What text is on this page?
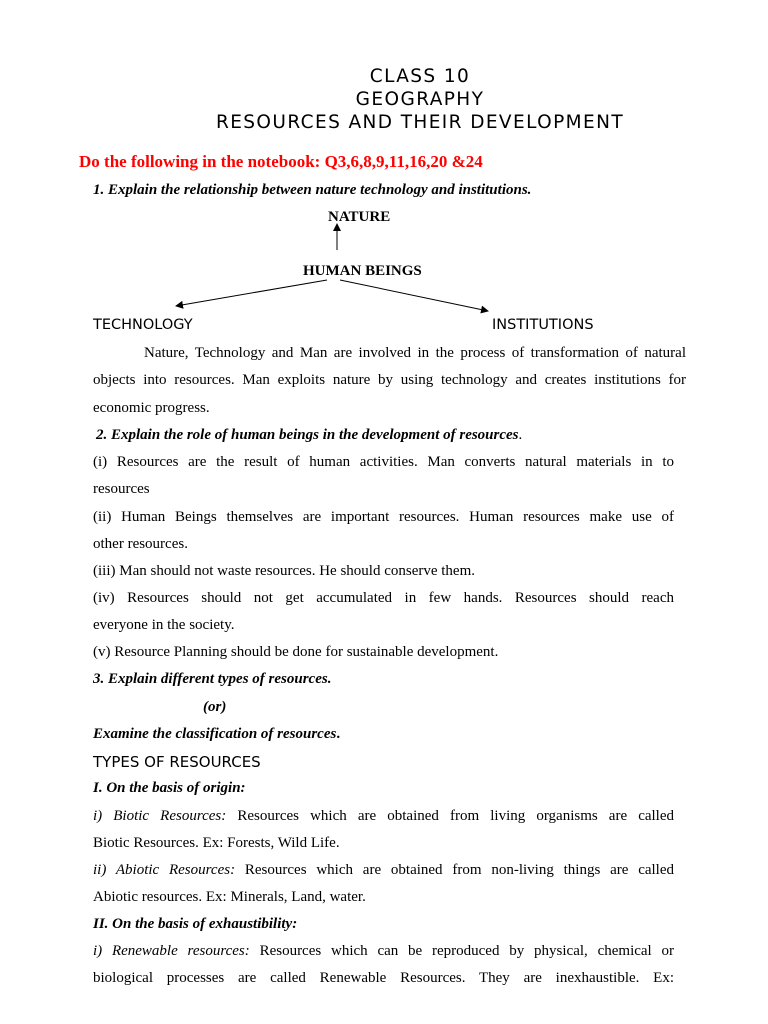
CLASS 10
GEOGRAPHY
RESOURCES AND THEIR DEVELOPMENT
Do the following in the notebook: Q3,6,8,9,11,16,20 &24
1. Explain the relationship between nature technology and institutions.
NATURE
HUMAN BEINGS
TECHNOLOGY	INSTITUTIONS
Nature, Technology and Man are involved in the process of transformation of natural objects into resources. Man exploits nature by using technology and creates institutions for economic progress.
2. Explain the role of human beings in the development of resources.
(i) Resources are the result of human activities. Man converts natural materials in to
resources
(ii) Human Beings themselves are important resources. Human resources make use of
other resources.
(iii) Man should not waste resources. He should conserve them.
(iv) Resources should not get accumulated in few hands. Resources should reach
everyone in the society.
(v) Resource Planning should be done for sustainable development.
3. Explain different types of resources.
(or)
Examine the classification of resources.
TYPES OF RESOURCES
I. On the basis of origin:
i) Biotic Resources: Resources which are obtained from living organisms are called
Biotic Resources. Ex: Forests, Wild Life.
ii) Abiotic Resources: Resources which are obtained from non-living things are called
Abiotic resources. Ex: Minerals, Land, water.
II. On the basis of exhaustibility:
i) Renewable resources: Resources which can be reproduced by physical, chemical or
biological processes are called Renewable Resources. They are inexhaustible. Ex:
